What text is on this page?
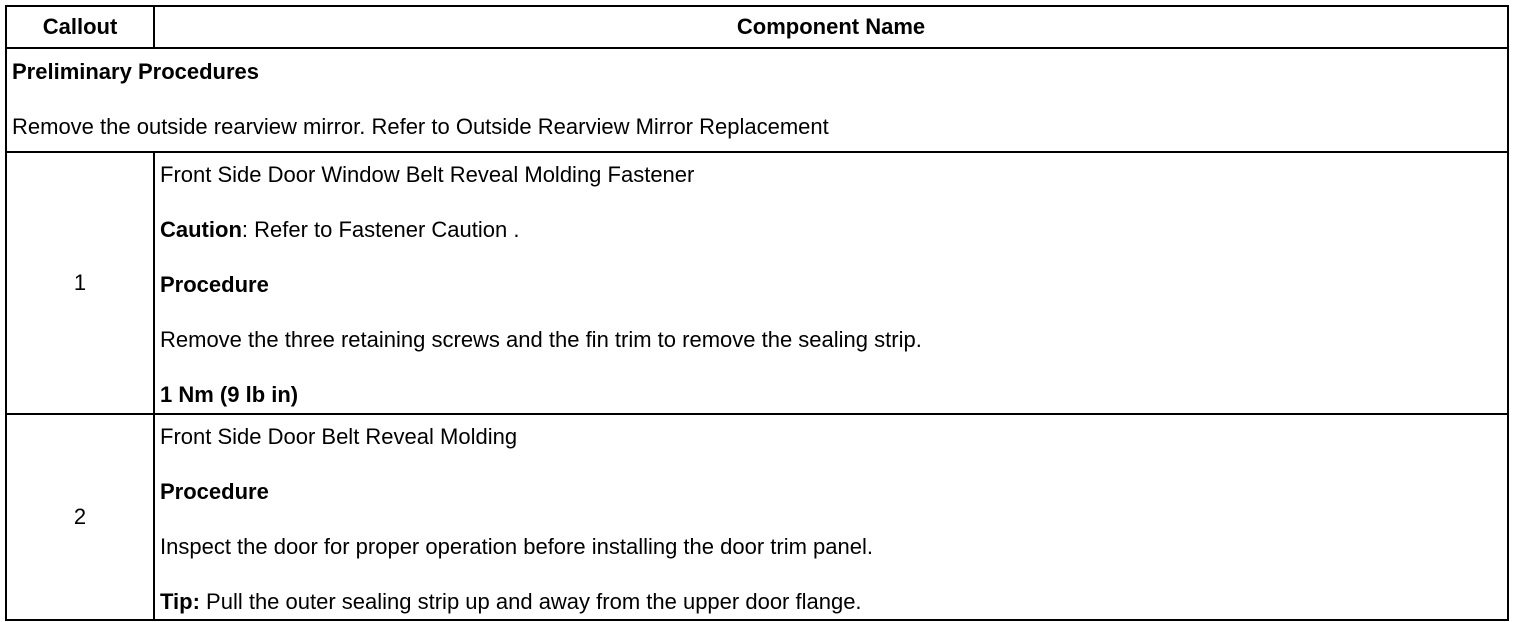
Callout	Component Name

Preliminary Procedures
Remove the outside rearview mirror. Refer to Outside Rearview Mirror Replacement	

1	Front Side Door Window Belt Reveal Molding Fastener
Caution: Refer to Fastener Caution .
Procedure
Remove the three retaining screws and the fin trim to remove the sealing strip.
1 Nm (9 lb in)

2	Front Side Door Belt Reveal Molding
Procedure
Inspect the door for proper operation before installing the door trim panel.
Tip: Pull the outer sealing strip up and away from the upper door flange.
